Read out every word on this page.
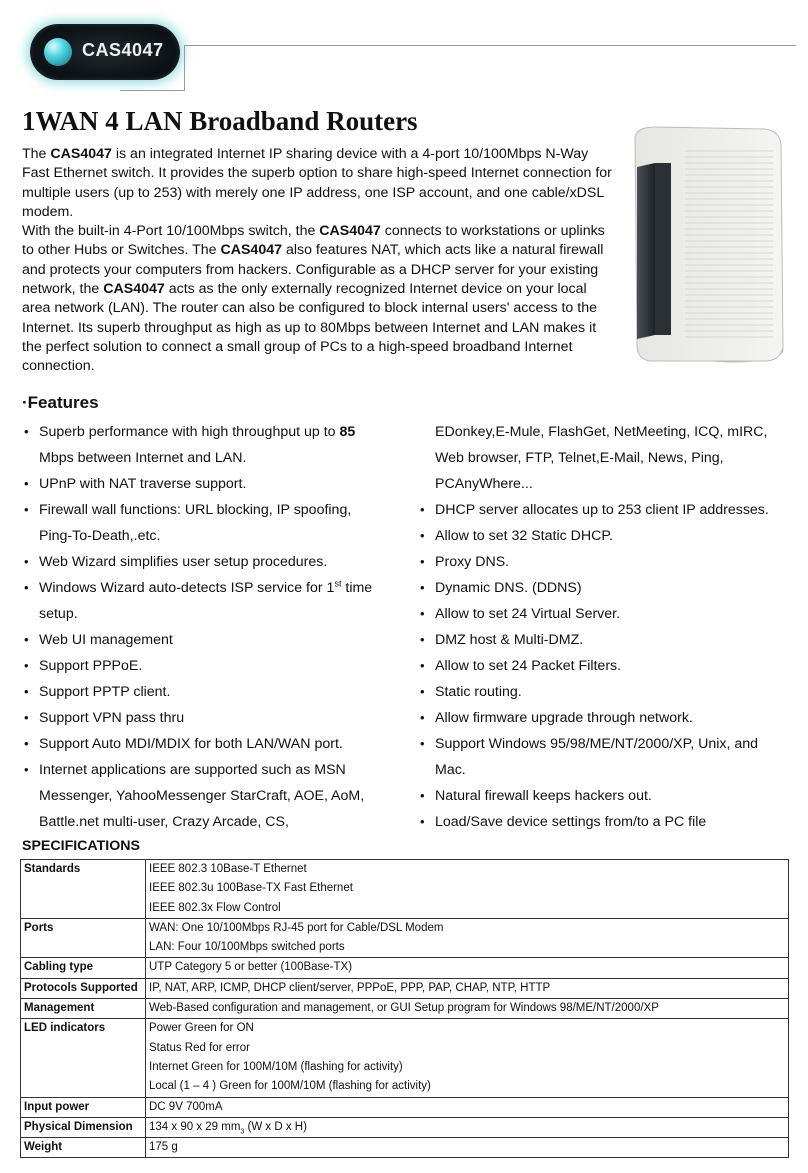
CAS4047
1WAN 4 LAN Broadband Routers

The CAS4047 is an integrated Internet IP sharing device with a 4-port 10/100Mbps N-Way Fast Ethernet switch. It provides the superb option to share high-speed Internet connection for multiple users (up to 253) with merely one IP address, one ISP account, and one cable/xDSL modem.

With the built-in 4-Port 10/100Mbps switch, the CAS4047 connects to workstations or uplinks to other Hubs or Switches. The CAS4047 also features NAT, which acts like a natural firewall and protects your computers from hackers. Configurable as a DHCP server for your existing network, the CAS4047 acts as the only externally recognized Internet device on your local area network (LAN). The router can also be configured to block internal users' access to the Internet. Its superb throughput as high as up to 80Mbps between Internet and LAN makes it the perfect solution to connect a small group of PCs to a high-speed broadband Internet connection.

·Features
• Superb performance with high throughput up to 85
Mbps between Internet and LAN.
• UPnP with NAT traverse support.
• Firewall wall functions: URL blocking, IP spoofing,
Ping-To-Death,.etc.
• Web Wizard simplifies user setup procedures.
• Windows Wizard auto-detects ISP service for 1st time
setup.
• Web UI management
• Support PPPoE.
• Support PPTP client.
• Support VPN pass thru
• Support Auto MDI/MDIX for both LAN/WAN port.
• Internet applications are supported such as MSN
Messenger, YahooMessenger StarCraft, AOE, AoM,
Battle.net multi-user, Crazy Arcade, CS,
EDonkey,E-Mule, FlashGet, NetMeeting, ICQ, mIRC,
Web browser, FTP, Telnet,E-Mail, News, Ping,
PCAnyWhere...
• DHCP server allocates up to 253 client IP addresses.
• Allow to set 32 Static DHCP.
• Proxy DNS.
• Dynamic DNS. (DDNS)
• Allow to set 24 Virtual Server.
• DMZ host & Multi-DMZ.
• Allow to set 24 Packet Filters.
• Static routing.
• Allow firmware upgrade through network.
• Support Windows 95/98/ME/NT/2000/XP, Unix, and
Mac.
• Natural firewall keeps hackers out.
• Load/Save device settings from/to a PC file
SPECIFICATIONS
Standards	IEEE 802.3 10Base-T Ethernet
IEEE 802.3u 100Base-TX Fast Ethernet
IEEE 802.3x Flow Control

Ports	WAN: One 10/100Mbps RJ-45 port for Cable/DSL Modem
LAN: Four 10/100Mbps switched ports

Cabling type	UTP Category 5 or better (100Base-TX)

Protocols Supported	IP, NAT, ARP, ICMP, DHCP client/server, PPPoE, PPP, PAP, CHAP, NTP, HTTP

Management	Web-Based configuration and management, or GUI Setup program for Windows 98/ME/NT/2000/XP

LED indicators	Power Green for ON
Status Red for error
Internet Green for 100M/10M (flashing for activity)
Local (1 – 4 ) Green for 100M/10M (flashing for activity)

Input power	DC 9V 700mA

Physical Dimension	134 x 90 x 29 $mm_3$ (W x D x H)

Weight	175 g
